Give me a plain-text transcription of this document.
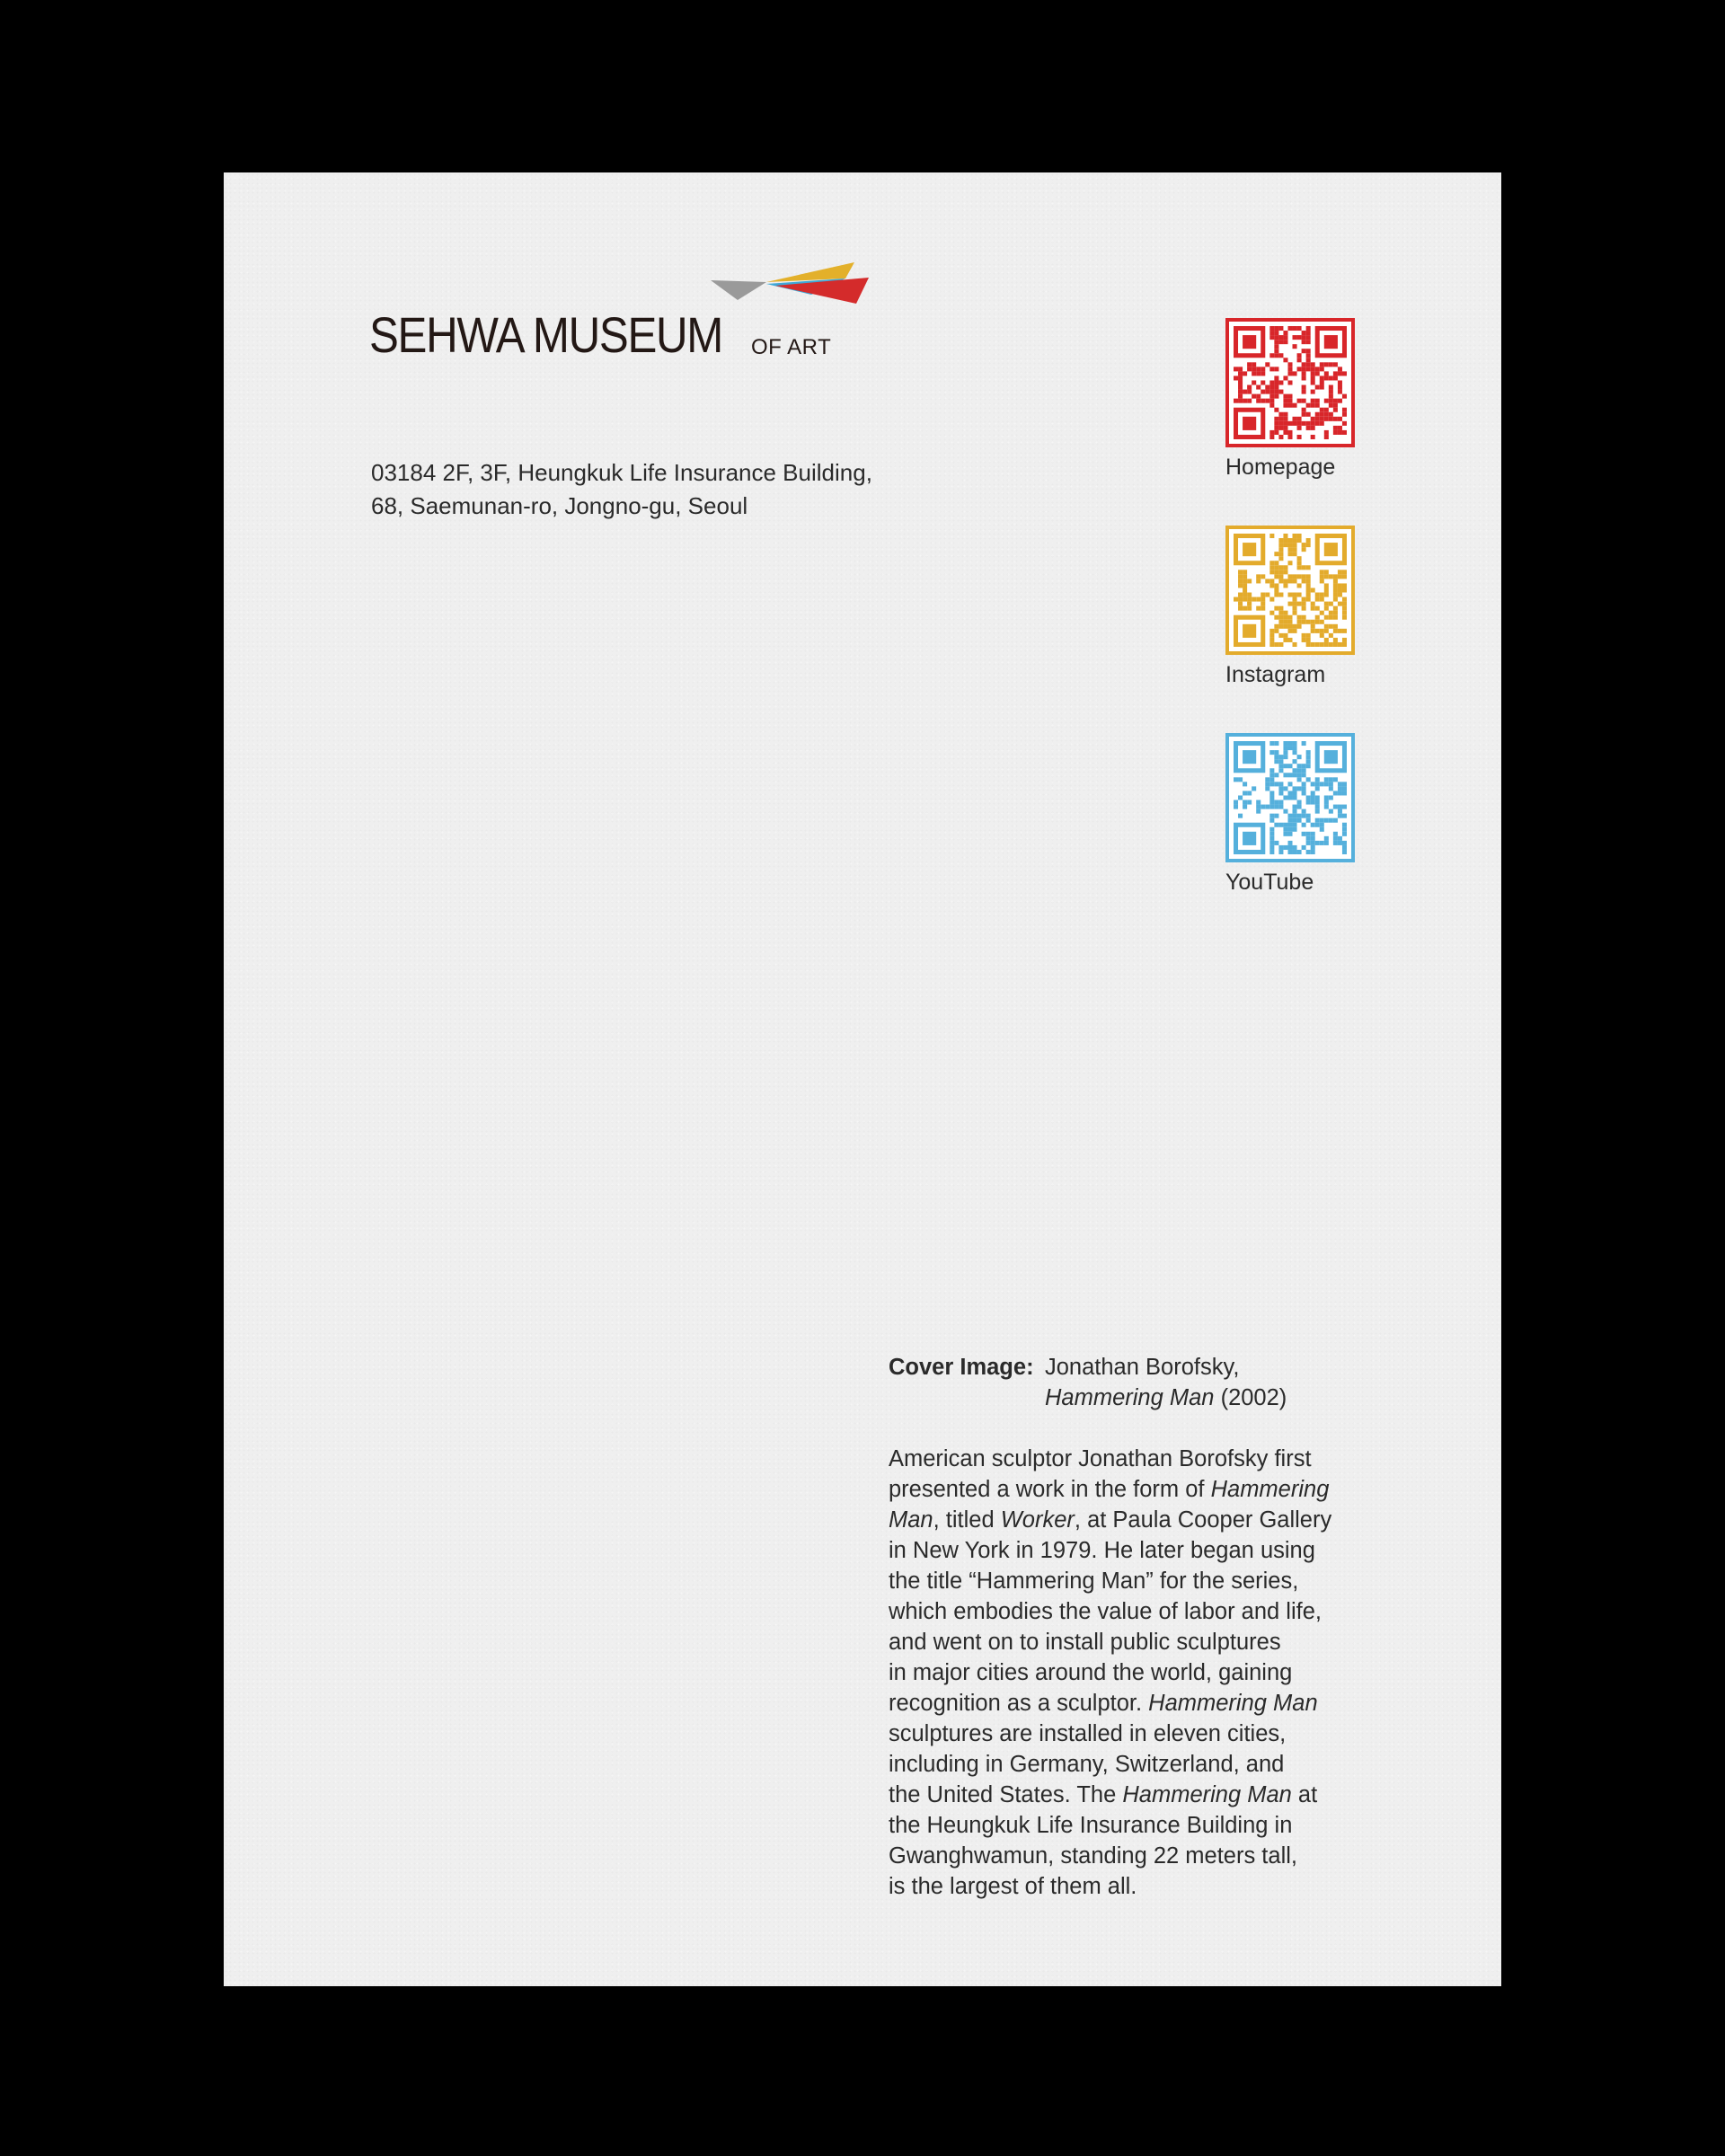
SEHWA MUSEUM OF ART
03184 2F, 3F, Heungkuk Life Insurance Building,
68, Saemunan-ro, Jongno-gu, Seoul
Homepage
Instagram
YouTube
Cover Image: Jonathan Borofsky,
Hammering Man (2002)
American sculptor Jonathan Borofsky first
presented a work in the form of Hammering
Man, titled Worker, at Paula Cooper Gallery
in New York in 1979. He later began using
the title “Hammering Man” for the series,
which embodies the value of labor and life,
and went on to install public sculptures
in major cities around the world, gaining
recognition as a sculptor. Hammering Man
sculptures are installed in eleven cities,
including in Germany, Switzerland, and
the United States. The Hammering Man at
the Heungkuk Life Insurance Building in
Gwanghwamun, standing 22 meters tall,
is the largest of them all.
